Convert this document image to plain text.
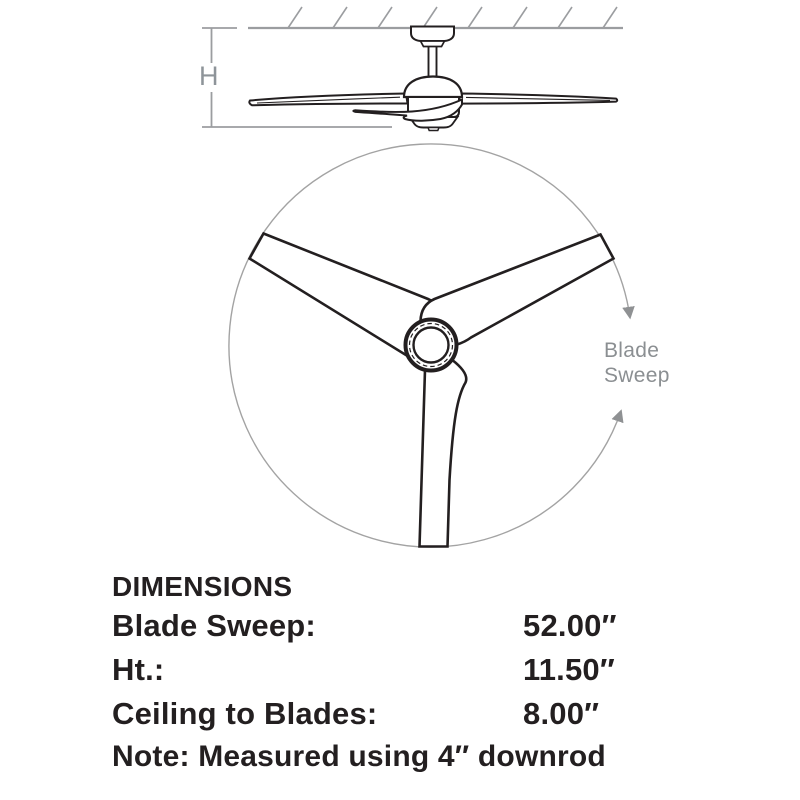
H
Blade
Sweep
DIMENSIONS
Blade Sweep:	52.00″
Ht.:	11.50″
Ceiling to Blades:	8.00″
Note: Measured using 4″ downrod
